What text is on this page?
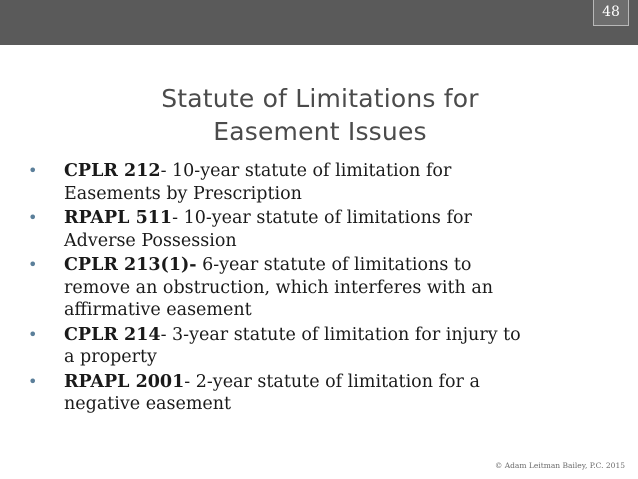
48
Statute of Limitations for
Easement Issues
• CPLR 212- 10-year statute of limitation for
Easements by Prescription
• RPAPL 511- 10-year statute of limitations for
Adverse Possession
• CPLR 213(1)- 6-year statute of limitations to
remove an obstruction, which interferes with an
affirmative easement
• CPLR 214- 3-year statute of limitation for injury to
a property
• RPAPL 2001- 2-year statute of limitation for a
negative easement
© Adam Leitman Bailey, P.C. 2015
